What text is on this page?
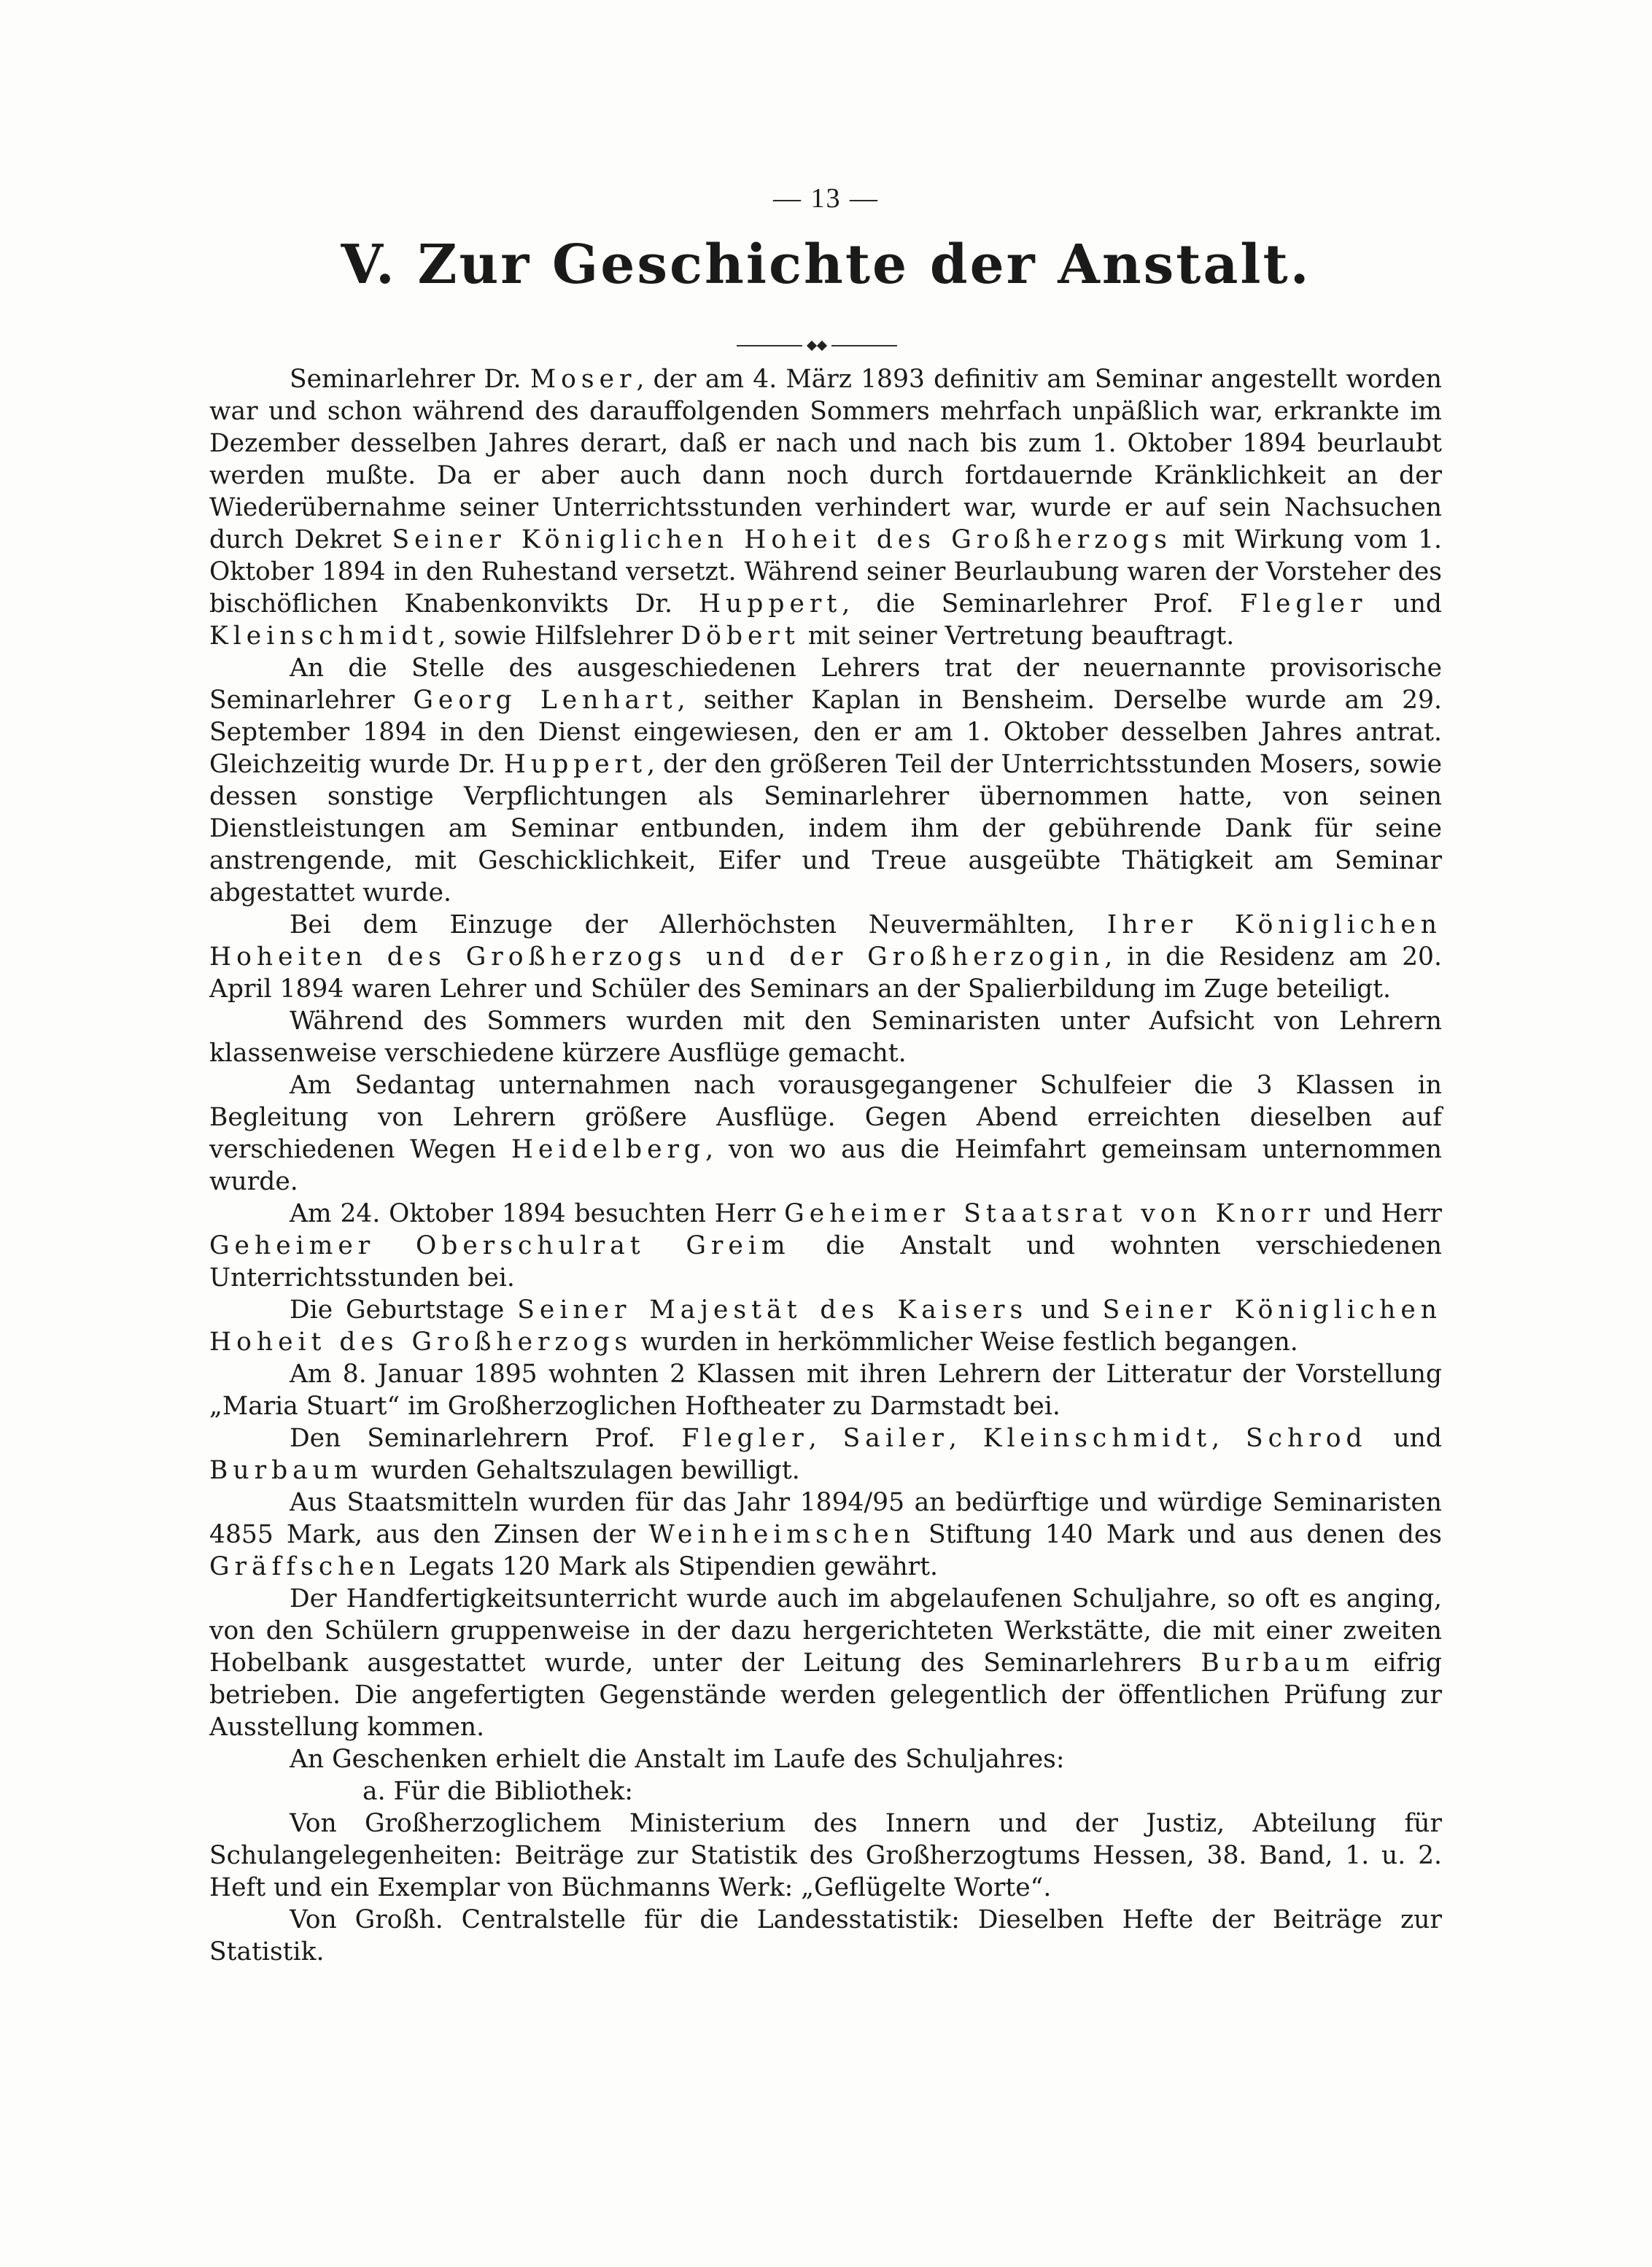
— 13 —
V. Zur Geschichte der Anstalt.

Seminarlehrer Dr. Moser, der am 4. März 1893 definitiv am Seminar angestellt worden war und schon während des darauffolgenden Sommers mehrfach unpäßlich war, erkrankte im Dezember desselben Jahres derart, daß er nach und nach bis zum 1. Oktober 1894 beurlaubt werden mußte. Da er aber auch dann noch durch fortdauernde Kränklichkeit an der Wiederübernahme seiner Unterrichtsstunden verhindert war, wurde er auf sein Nachsuchen durch Dekret Seiner Königlichen Hoheit des Großherzogs mit Wirkung vom 1. Oktober 1894 in den Ruhestand versetzt. Während seiner Beurlaubung waren der Vorsteher des bischöflichen Knabenkonvikts Dr. Huppert, die Seminarlehrer Prof. Flegler und Kleinschmidt, sowie Hilfslehrer Döbert mit seiner Vertretung beauftragt.

An die Stelle des ausgeschiedenen Lehrers trat der neuernannte provisorische Seminarlehrer Georg Lenhart, seither Kaplan in Bensheim. Derselbe wurde am 29. September 1894 in den Dienst eingewiesen, den er am 1. Oktober desselben Jahres antrat. Gleichzeitig wurde Dr. Huppert, der den größeren Teil der Unterrichtsstunden Mosers, sowie dessen sonstige Verpflichtungen als Seminarlehrer übernommen hatte, von seinen Dienstleistungen am Seminar entbunden, indem ihm der gebührende Dank für seine anstrengende, mit Geschicklichkeit, Eifer und Treue ausgeübte Thätigkeit am Seminar abgestattet wurde.

Bei dem Einzuge der Allerhöchsten Neuvermählten, Ihrer Königlichen Hoheiten des Großherzogs und der Großherzogin, in die Residenz am 20. April 1894 waren Lehrer und Schüler des Seminars an der Spalierbildung im Zuge beteiligt.

Während des Sommers wurden mit den Seminaristen unter Aufsicht von Lehrern klassenweise verschiedene kürzere Ausflüge gemacht.

Am Sedantag unternahmen nach vorausgegangener Schulfeier die 3 Klassen in Begleitung von Lehrern größere Ausflüge. Gegen Abend erreichten dieselben auf verschiedenen Wegen Heidelberg, von wo aus die Heimfahrt gemeinsam unternommen wurde.

Am 24. Oktober 1894 besuchten Herr Geheimer Staatsrat von Knorr und Herr Geheimer Oberschulrat Greim die Anstalt und wohnten verschiedenen Unterrichtsstunden bei.

Die Geburtstage Seiner Majestät des Kaisers und Seiner Königlichen Hoheit des Großherzogs wurden in herkömmlicher Weise festlich begangen.

Am 8. Januar 1895 wohnten 2 Klassen mit ihren Lehrern der Litteratur der Vorstellung „Maria Stuart“ im Großherzoglichen Hoftheater zu Darmstadt bei.

Den Seminarlehrern Prof. Flegler, Sailer, Kleinschmidt, Schrod und Burbaum wurden Gehaltszulagen bewilligt.

Aus Staatsmitteln wurden für das Jahr 1894/95 an bedürftige und würdige Seminaristen 4855 Mark, aus den Zinsen der Weinheimschen Stiftung 140 Mark und aus denen des Gräffschen Legats 120 Mark als Stipendien gewährt.

Der Handfertigkeitsunterricht wurde auch im abgelaufenen Schuljahre, so oft es anging, von den Schülern gruppenweise in der dazu hergerichteten Werkstätte, die mit einer zweiten Hobelbank ausgestattet wurde, unter der Leitung des Seminarlehrers Burbaum eifrig betrieben. Die angefertigten Gegenstände werden gelegentlich der öffentlichen Prüfung zur Ausstellung kommen.

An Geschenken erhielt die Anstalt im Laufe des Schuljahres:

a. Für die Bibliothek:

Von Großherzoglichem Ministerium des Innern und der Justiz, Abteilung für Schulangelegenheiten: Beiträge zur Statistik des Großherzogtums Hessen, 38. Band, 1. u. 2. Heft und ein Exemplar von Büchmanns Werk: „Geflügelte Worte“.

Von Großh. Centralstelle für die Landesstatistik: Dieselben Hefte der Beiträge zur Statistik.
